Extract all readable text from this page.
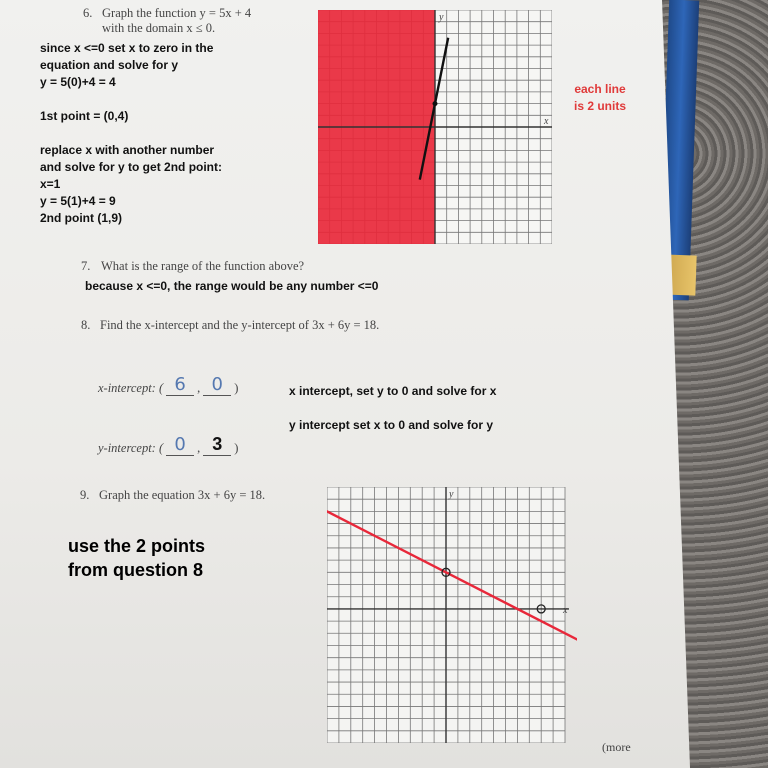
6. Graph the function y = 5x + 4
with the domain x ≤ 0.
since x <=0 set x to zero in the
equation and solve for y
y = 5(0)+4 = 4
1st point = (0,4)
replace x with another number
and solve for y to get 2nd point:
x=1
y = 5(1)+4 = 9
2nd point (1,9)
each line
is 2 units
x
y
7. What is the range of the function above?
because x <=0, the range would be any number <=0
8. Find the x-intercept and the y-intercept of 3x + 6y = 18.
x-intercept: ( 6 , 0 )	x intercept, set y to 0 and solve for x
y-intercept: ( 0 , 3 )
y intercept set x to 0 and solve for y
9. Graph the equation 3x + 6y = 18.
use the 2 points
from question 8
x
y
(more
